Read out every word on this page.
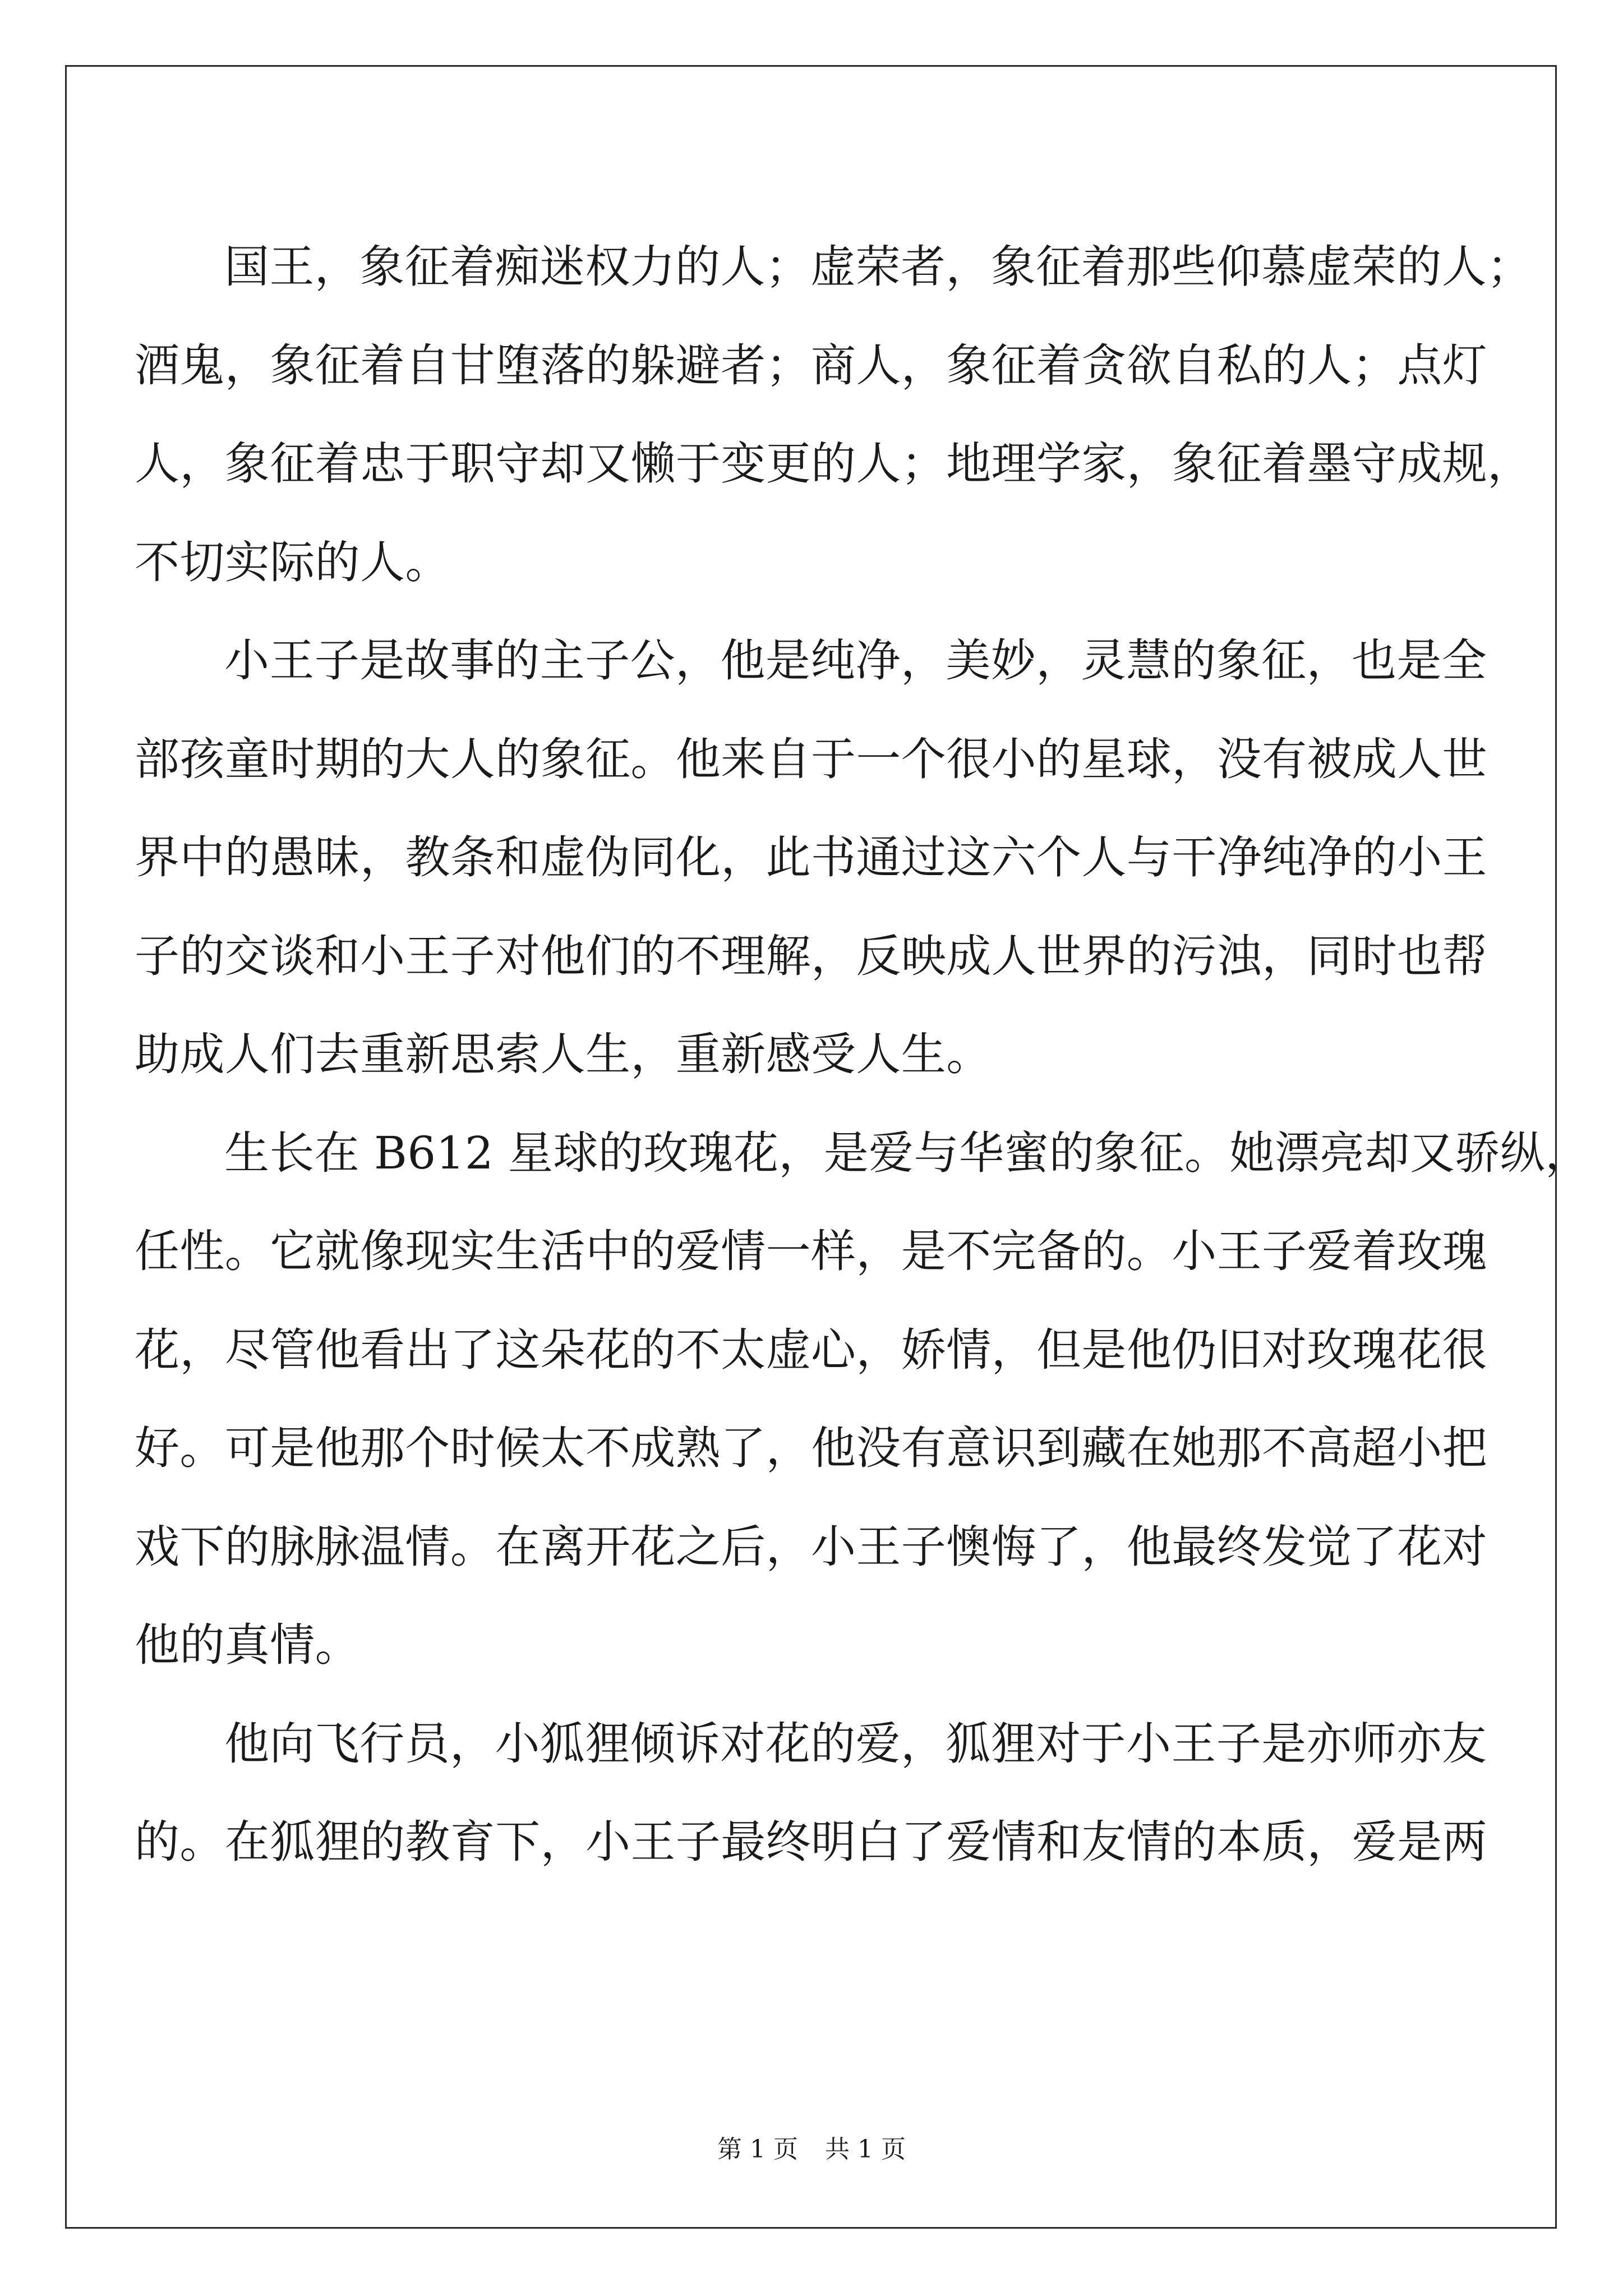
国王，象征着痴迷权力的人；虚荣者，象征着那些仰慕虚荣的人；
酒鬼，象征着自甘堕落的躲避者；商人，象征着贪欲自私的人；点灯
人，象征着忠于职守却又懒于变更的人；地理学家，象征着墨守成规，
不切实际的人。
小王子是故事的主子公，他是纯净，美妙，灵慧的象征，也是全
部孩童时期的大人的象征。他来自于一个很小的星球，没有被成人世
界中的愚昧，教条和虚伪同化，此书通过这六个人与干净纯净的小王
子的交谈和小王子对他们的不理解，反映成人世界的污浊，同时也帮
助成人们去重新思索人生，重新感受人生。
生长在 B612 星球的玫瑰花，是爱与华蜜的象征。她漂亮却又骄纵，
任性。它就像现实生活中的爱情一样，是不完备的。小王子爱着玫瑰
花，尽管他看出了这朵花的不太虚心，娇情，但是他仍旧对玫瑰花很
好。可是他那个时候太不成熟了，他没有意识到藏在她那不高超小把
戏下的脉脉温情。在离开花之后，小王子懊悔了，他最终发觉了花对
他的真情。
他向飞行员，小狐狸倾诉对花的爱，狐狸对于小王子是亦师亦友
的。在狐狸的教育下，小王子最终明白了爱情和友情的本质，爱是两
第 1 页 共 1 页
